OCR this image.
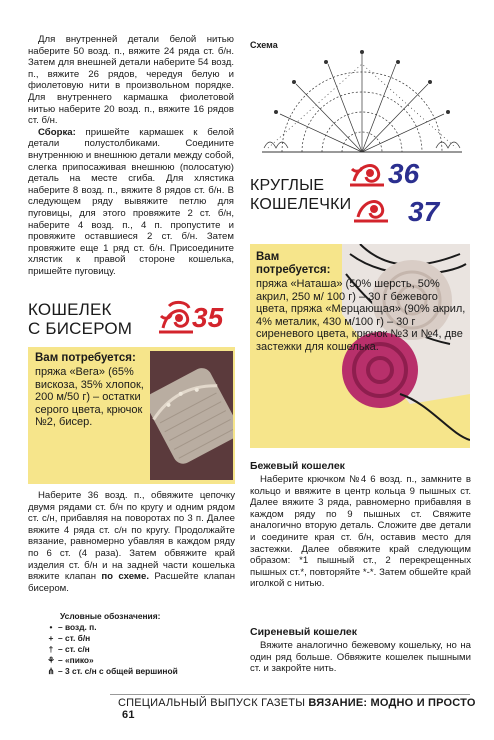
Для внутренней детали белой нитью наберите 50 возд. п., вяжите 24 ряда ст. б/н. Затем для внешней детали наберите 54 возд. п., вяжите 26 рядов, чередуя белую и фиолетовую нити в произвольном порядке. Для внутреннего кармашка фиолетовой нитью наберите 20 возд. п., вяжите 16 рядов ст. б/н.

Сборка: пришейте кармашек к белой детали полустолбиками. Соедините внутреннюю и внешнюю детали между собой, слегка припосаживая внешнюю (полосатую) деталь на месте сгиба. Для хлястика наберите 8 возд. п., вяжите 8 рядов ст. б/н. В следующем ряду вывяжите петлю для пуговицы, для этого провяжите 2 ст. б/н, наберите 4 возд. п., 4 п. пропустите и провяжите оставшиеся 2 ст. б/н. Затем провяжите еще 1 ряд ст. б/н. Присоедините хлястик к правой стороне кошелька, пришейте пуговицу.

КОШЕЛЕК
С БИСЕРОМ 35
Вам потребуется:
пряжа «Вега» (65% вискоза, 35% хлопок, 200 м/50 г) – остатки серого цвета, крючок №2, бисер.

Наберите 36 возд. п., обвяжите цепочку двумя рядами ст. б/н по кругу и одним рядом ст. с/н, прибавляя на поворотах по 3 п. Далее вяжите 4 ряда ст. с/н по кругу. Продолжайте вязание, равномерно убавляя в каждом ряду по 6 ст. (4 раза). Затем обвяжите край изделия ст. б/н и на задней части кошелька вяжите клапан по схеме. Расшейте клапан бисером.

Условные обозначения:
• – возд. п.
+ – ст. б/н
† – ст. с/н
⚘ – «пико»
⋔ – 3 ст. с/н с общей вершиной
Схема
КРУГЛЫЕ
КОШЕЛЕЧКИ
36
37
Вам потребуется:
пряжа «Наташа» (50% шерсть, 50% акрил, 250 м/ 100 г) – 30 г бежевого цвета, пряжа «Мерцающая» (90% акрил, 4% металик, 430 м/100 г) – 30 г сиреневого цвета, крючок №3 и №4, две застежки для кошелька.
Бежевый кошелек

Наберите крючком №4 6 возд. п., замкните в кольцо и ввяжите в центр кольца 9 пышных ст. Далее вяжите 3 ряда, равномерно прибавляя в каждом ряду по 9 пышных ст. Свяжите аналогично вторую деталь. Сложите две детали и соедините края ст. б/н, оставив место для застежки. Далее обвяжите край следующим образом: *1 пышный ст., 2 перекрещенных пышных ст.*, повторяйте *-*. Затем обшейте край иголкой с нитью.

Сиреневый кошелек

Вяжите аналогично бежевому кошельку, но на один ряд больше. Обвяжите кошелек пышными ст. и закройте нить.

СПЕЦИАЛЬНЫЙ ВЫПУСК ГАЗЕТЫ ВЯЗАНИЕ: МОДНО И ПРОСТО 61
